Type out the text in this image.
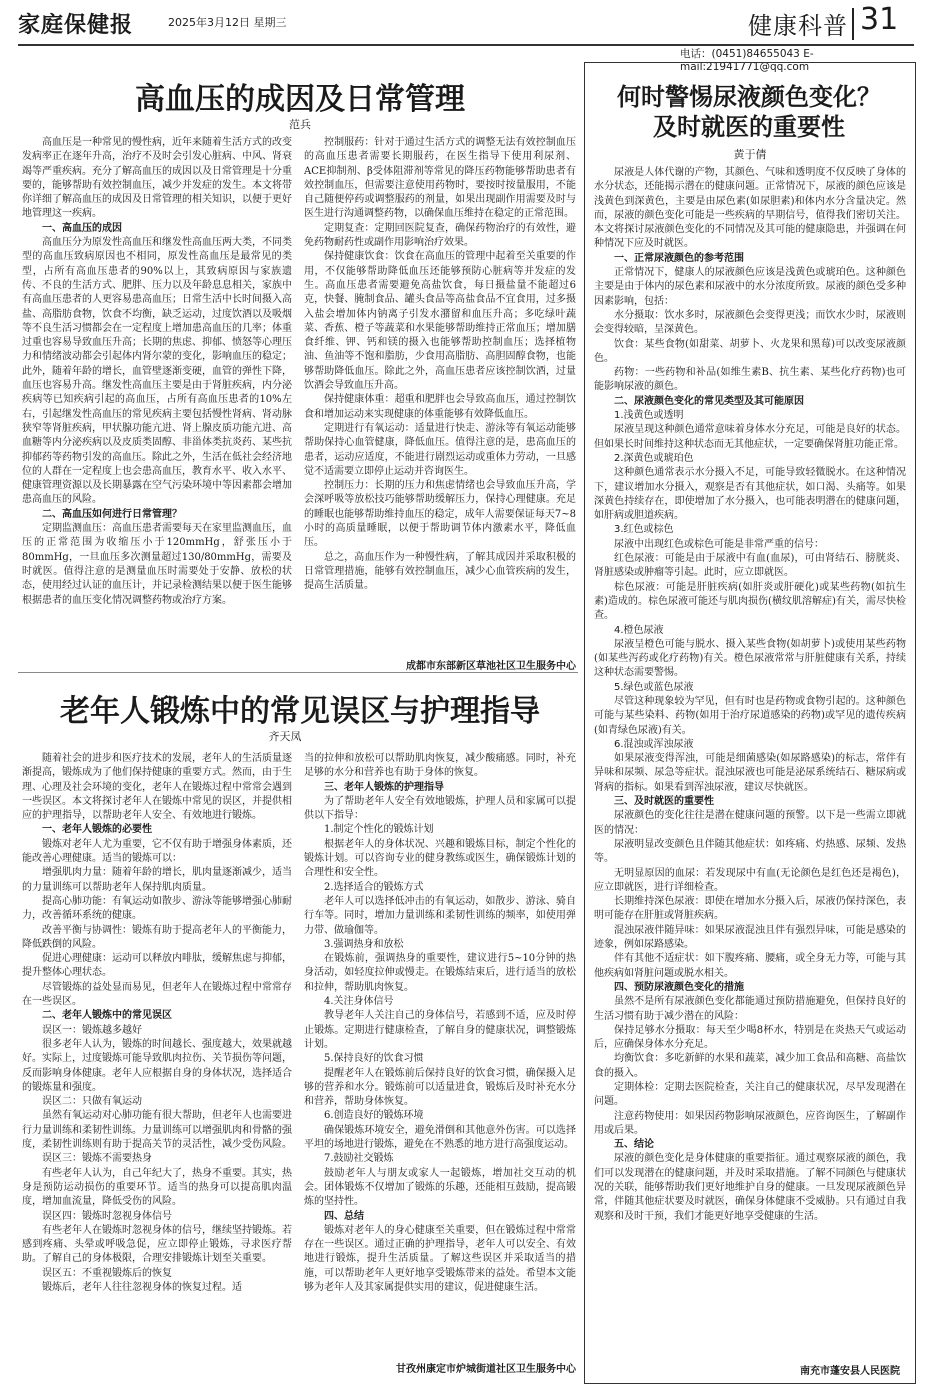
家庭保健报	2025年3月12日 星期三	健康科普 31
电话：(0451)84655043 E-mail:21941771@qq.com
高血压的成因及日常管理
范兵

高血压是一种常见的慢性病，近年来随着生活方式的改变发病率正在逐年升高，治疗不及时会引发心脏病、中风、肾衰竭等严重疾病。充分了解高血压的成因以及日常管理是十分重要的，能够帮助有效控制血压，减少并发症的发生。本文将带你详细了解高血压的成因及日常管理的相关知识，以便于更好地管理这一疾病。

一、高血压的成因

高血压分为原发性高血压和继发性高血压两大类，不同类型的高血压致病原因也不相同，原发性高血压是最常见的类型，占所有高血压患者的90%以上，其致病原因与家族遗传、不良的生活方式、肥胖、压力以及年龄息息相关，家族中有高血压患者的人更容易患高血压；日常生活中长时间摄入高盐、高脂肪食物，饮食不均衡，缺乏运动，过度饮酒以及吸烟等不良生活习惯都会在一定程度上增加患高血压的几率；体重过重也容易导致血压升高；长期的焦虑、抑郁、愤怒等心理压力和情绪波动都会引起体内肾尔蒙的变化，影响血压的稳定；此外，随着年龄的增长，血管壁逐渐变硬，血管的弹性下降，血压也容易升高。继发性高血压主要是由于肾脏疾病，内分泌疾病等已知疾病引起的高血压，占所有高血压患者的10%左右，引起继发性高血压的常见疾病主要包括慢性肾病、肾动脉狭窄等肾脏疾病，甲状腺功能亢进、肾上腺皮质功能亢进、高血糖等内分泌疾病以及皮质类固醇、非甾体类抗炎药、某些抗抑郁药等药物引发的高血压。除此之外，生活在低社会经济地位的人群在一定程度上也会患高血压，教育水平、收入水平、健康管理资源以及长期暴露在空气污染环境中等因素都会增加患高血压的风险。

二、高血压如何进行日常管理？

定期监测血压：高血压患者需要每天在家里监测血压，血压的正常范围为收缩压小于120mmHg，舒张压小于80mmHg，一旦血压多次测量超过130/80mmHg，需要及时就医。值得注意的是测量血压时需要处于安静、放松的状态，使用经过认证的血压计，并记录检测结果以便于医生能够根据患者的血压变化情况调整药物或治疗方案。

控制服药：针对于通过生活方式的调整无法有效控制血压的高血压患者需要长期服药，在医生指导下使用利尿剂、ACE抑制剂、β受体阻滞剂等常见的降压药物能够帮助患者有效控制血压，但需要注意使用药物时，要按时按量服用，不能自己随便停药或调整服药的剂量，如果出现副作用需要及时与医生进行沟通调整药物，以确保血压维持在稳定的正常范围。

定期复查：定期回医院复查，确保药物治疗的有效性，避免药物耐药性或副作用影响治疗效果。

保持健康饮食：饮食在高血压的管理中起着至关重要的作用，不仅能够帮助降低血压还能够预防心脏病等并发症的发生。高血压患者需要避免高盐饮食，每日摄盐量不能超过6克，快餐、腌制食品、罐头食品等高盐食品不宜食用，过多摄入盐会增加体内钠离子引发水潴留和血压升高；多吃绿叶蔬菜、香蕉、橙子等蔬菜和水果能够帮助维持正常血压；增加膳食纤维、钾、钙和镁的摄入也能够帮助控制血压；选择植物油、鱼油等不饱和脂肪，少食用高脂肪、高胆固醇食物，也能够帮助降低血压。除此之外，高血压患者应该控制饮酒，过量饮酒会导致血压升高。

保持健康体重：超重和肥胖也会导致高血压，通过控制饮食和增加运动来实现健康的体重能够有效降低血压。

定期进行有氧运动：适量进行快走、游泳等有氧运动能够帮助保持心血管健康，降低血压。值得注意的是，患高血压的患者，运动应适度，不能进行剧烈运动或重体力劳动，一旦感觉不适需要立即停止运动并咨询医生。

控制压力：长期的压力和焦虑情绪也会导致血压升高，学会深呼吸等放松技巧能够帮助缓解压力，保持心理健康。充足的睡眠也能够帮助维持血压的稳定，成年人需要保证每天7~8小时的高质量睡眠，以便于帮助调节体内激素水平，降低血压。

总之，高血压作为一种慢性病，了解其成因并采取积极的日常管理措施，能够有效控制血压，减少心血管疾病的发生，提高生活质量。

成都市东部新区草池社区卫生服务中心
老年人锻炼中的常见误区与护理指导
齐天凤

随着社会的进步和医疗技术的发展，老年人的生活质量逐渐提高，锻炼成为了他们保持健康的重要方式。然而，由于生理、心理及社会环境的变化，老年人在锻炼过程中常常会遇到一些误区。本文将探讨老年人在锻炼中常见的误区，并提供相应的护理指导，以帮助老年人安全、有效地进行锻炼。

一、老年人锻炼的必要性

锻炼对老年人尤为重要，它不仅有助于增强身体素质，还能改善心理健康。适当的锻炼可以：

增强肌肉力量：随着年龄的增长，肌肉量逐渐减少，适当的力量训练可以帮助老年人保持肌肉质量。

提高心肺功能：有氧运动如散步、游泳等能够增强心肺耐力，改善循环系统的健康。

改善平衡与协调性：锻炼有助于提高老年人的平衡能力，降低跌倒的风险。

促进心理健康：运动可以释放内啡肽，缓解焦虑与抑郁，提升整体心理状态。

尽管锻炼的益处显而易见，但老年人在锻炼过程中常常存在一些误区。

二、老年人锻炼中的常见误区

误区一：锻炼越多越好

很多老年人认为，锻炼的时间越长、强度越大，效果就越好。实际上，过度锻炼可能导致肌肉拉伤、关节损伤等问题，反而影响身体健康。老年人应根据自身的身体状况，选择适合的锻炼量和强度。

误区二：只做有氧运动

虽然有氧运动对心肺功能有很大帮助，但老年人也需要进行力量训练和柔韧性训练。力量训练可以增强肌肉和骨骼的强度，柔韧性训练则有助于提高关节的灵活性，减少受伤风险。

误区三：锻炼不需要热身

有些老年人认为，自己年纪大了，热身不重要。其实，热身是预防运动损伤的重要环节。适当的热身可以提高肌肉温度，增加血流量，降低受伤的风险。

误区四：锻炼时忽视身体信号

有些老年人在锻炼时忽视身体的信号，继续坚持锻炼。若感到疼痛、头晕或呼吸急促，应立即停止锻炼，寻求医疗帮助。了解自己的身体极限，合理安排锻炼计划至关重要。

误区五：不重视锻炼后的恢复

锻炼后，老年人往往忽视身体的恢复过程。适

当的拉伸和放松可以帮助肌肉恢复，减少酸痛感。同时，补充足够的水分和营养也有助于身体的恢复。

三、老年人锻炼的护理指导

为了帮助老年人安全有效地锻炼，护理人员和家属可以提供以下指导：

1.制定个性化的锻炼计划

根据老年人的身体状况、兴趣和锻炼目标，制定个性化的锻炼计划。可以咨询专业的健身教练或医生，确保锻炼计划的合理性和安全性。

2.选择适合的锻炼方式

老年人可以选择低冲击的有氧运动，如散步、游泳、骑自行车等。同时，增加力量训练和柔韧性训练的频率，如使用弹力带、做瑜伽等。

3.强调热身和放松

在锻炼前，强调热身的重要性，建议进行5~10分钟的热身活动，如轻度拉伸或慢走。在锻炼结束后，进行适当的放松和拉伸，帮助肌肉恢复。

4.关注身体信号

教导老年人关注自己的身体信号，若感到不适，应及时停止锻炼。定期进行健康检查，了解自身的健康状况，调整锻炼计划。

5.保持良好的饮食习惯

提醒老年人在锻炼前后保持良好的饮食习惯，确保摄入足够的营养和水分。锻炼前可以适量进食，锻炼后及时补充水分和营养，帮助身体恢复。

6.创造良好的锻炼环境

确保锻炼环境安全，避免滑倒和其他意外伤害。可以选择平坦的场地进行锻炼，避免在不熟悉的地方进行高强度运动。

7.鼓励社交锻炼

鼓励老年人与朋友或家人一起锻炼，增加社交互动的机会。团体锻炼不仅增加了锻炼的乐趣，还能相互鼓励，提高锻炼的坚持性。

四、总结

锻炼对老年人的身心健康至关重要，但在锻炼过程中常常存在一些误区。通过正确的护理指导，老年人可以安全、有效地进行锻炼，提升生活质量。了解这些误区并采取适当的措施，可以帮助老年人更好地享受锻炼带来的益处。希望本文能够为老年人及其家属提供实用的建议，促进健康生活。

甘孜州康定市炉城街道社区卫生服务中心
何时警惕尿液颜色变化？
及时就医的重要性
黄于倩

尿液是人体代谢的产物，其颜色、气味和透明度不仅反映了身体的水分状态，还能揭示潜在的健康问题。正常情况下，尿液的颜色应该是浅黄色到深黄色，主要是由尿色素(如尿胆素)和体内水分含量决定。然而，尿液的颜色变化可能是一些疾病的早期信号，值得我们密切关注。本文将探讨尿液颜色变化的不同情况及其可能的健康隐患，并强调在何种情况下应及时就医。

一、正常尿液颜色的参考范围

正常情况下，健康人的尿液颜色应该是浅黄色或琥珀色。这种颜色主要是由于体内的尿色素和尿液中的水分浓度所致。尿液的颜色受多种因素影响，包括：

水分摄取：饮水多时，尿液颜色会变得更浅；而饮水少时，尿液则会变得较暗，呈深黄色。

饮食：某些食物(如甜菜、胡萝卜、火龙果和黑莓)可以改变尿液颜色。

药物：一些药物和补品(如维生素B、抗生素、某些化疗药物)也可能影响尿液的颜色。

二、尿液颜色变化的常见类型及其可能原因

1.浅黄色或透明

尿液呈现这种颜色通常意味着身体水分充足，可能是良好的状态。但如果长时间维持这种状态而无其他症状，一定要确保肾脏功能正常。

2.深黄色或琥珀色

这种颜色通常表示水分摄入不足，可能导致轻微脱水。在这种情况下，建议增加水分摄入，观察是否有其他症状，如口渴、头痛等。如果深黄色持续存在，即使增加了水分摄入，也可能表明潜在的健康问题，如肝病或胆道疾病。

3.红色或棕色

尿液中出现红色或棕色可能是非常严重的信号：

红色尿液：可能是由于尿液中有血(血尿)，可由肾结石、膀胱炎、肾脏感染或肿瘤等引起。此时，应立即就医。

棕色尿液：可能是肝脏疾病(如肝炎或肝硬化)或某些药物(如抗生素)造成的。棕色尿液可能还与肌肉损伤(横纹肌溶解症)有关，需尽快检查。

4.橙色尿液

尿液呈橙色可能与脱水、摄入某些食物(如胡萝卜)或使用某些药物(如某些泻药或化疗药物)有关。橙色尿液常常与肝脏健康有关系，持续这种状态需要警惕。

5.绿色或蓝色尿液

尽管这种现象较为罕见，但有时也是药物或食物引起的。这种颜色可能与某些染料、药物(如用于治疗尿道感染的药物)或罕见的遗传疾病(如青绿色尿液)有关。

6.混浊或浑浊尿液

如果尿液变得浑浊，可能是细菌感染(如尿路感染)的标志，常伴有异味和尿频、尿急等症状。混浊尿液也可能是泌尿系统结石、糖尿病或肾病的指标。如果看到浑浊尿液，建议尽快就医。

三、及时就医的重要性

尿液颜色的变化往往是潜在健康问题的预警。以下是一些需立即就医的情况：

尿液明显改变颜色且伴随其他症状：如疼痛、灼热感、尿频、发热等。

无明显原因的血尿：若发现尿中有血(无论颜色是红色还是褐色)，应立即就医，进行详细检查。

长期维持深色尿液：即使在增加水分摄入后，尿液仍保持深色，表明可能存在肝脏或肾脏疾病。

混浊尿液伴随异味：如果尿液混浊且伴有强烈异味，可能是感染的迹象，例如尿路感染。

伴有其他不适症状：如下腹疼痛、腰痛，或全身无力等，可能与其他疾病如肾脏问题或脱水相关。

四、预防尿液颜色变化的措施

虽然不是所有尿液颜色变化都能通过预防措施避免，但保持良好的生活习惯有助于减少潜在的风险：

保持足够水分摄取：每天至少喝8杯水，特别是在炎热天气或运动后，应确保身体水分充足。

均衡饮食：多吃新鲜的水果和蔬菜，减少加工食品和高糖、高盐饮食的摄入。

定期体检：定期去医院检查，关注自己的健康状况，尽早发现潜在问题。

注意药物使用：如果因药物影响尿液颜色，应咨询医生，了解副作用或后果。

五、结论

尿液的颜色变化是身体健康的重要指征。通过观察尿液的颜色，我们可以发现潜在的健康问题，并及时采取措施。了解不同颜色与健康状况的关联，能够帮助我们更好地维护自身的健康。一旦发现尿液颜色异常，伴随其他症状要及时就医，确保身体健康不受威胁。只有通过自我观察和及时干预，我们才能更好地享受健康的生活。

南充市蓬安县人民医院
